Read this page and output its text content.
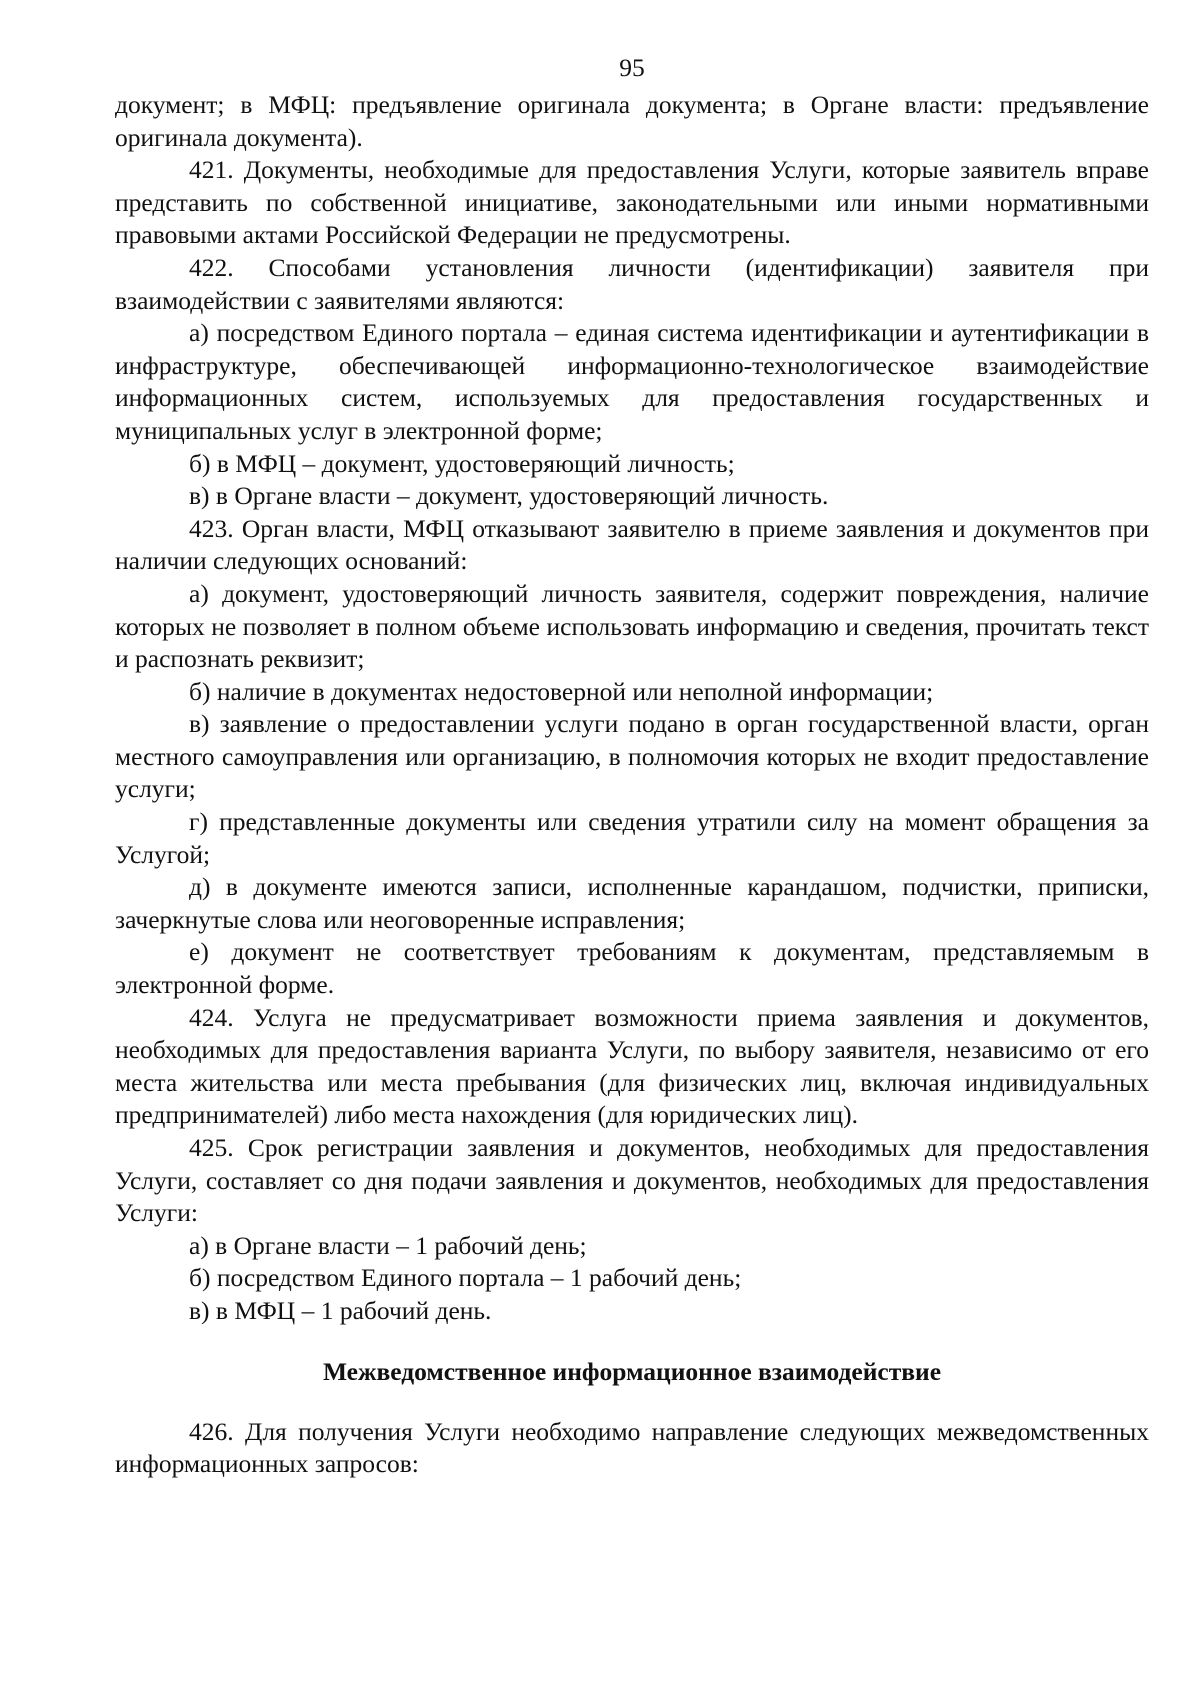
95

документ; в МФЦ: предъявление оригинала документа; в Органе власти: предъявление оригинала документа).

421. Документы, необходимые для предоставления Услуги, которые заявитель вправе представить по собственной инициативе, законодательными или иными нормативными правовыми актами Российской Федерации не предусмотрены.

422. Способами установления личности (идентификации) заявителя при взаимодействии с заявителями являются:

а) посредством Единого портала – единая система идентификации и аутентификации в инфраструктуре, обеспечивающей информационно-технологическое взаимодействие информационных систем, используемых для предоставления государственных и муниципальных услуг в электронной форме;

б) в МФЦ – документ, удостоверяющий личность;

в) в Органе власти – документ, удостоверяющий личность.

423. Орган власти, МФЦ отказывают заявителю в приеме заявления и документов при наличии следующих оснований:

а) документ, удостоверяющий личность заявителя, содержит повреждения, наличие которых не позволяет в полном объеме использовать информацию и сведения, прочитать текст и распознать реквизит;

б) наличие в документах недостоверной или неполной информации;

в) заявление о предоставлении услуги подано в орган государственной власти, орган местного самоуправления или организацию, в полномочия которых не входит предоставление услуги;

г) представленные документы или сведения утратили силу на момент обращения за Услугой;

д) в документе имеются записи, исполненные карандашом, подчистки, приписки, зачеркнутые слова или неоговоренные исправления;

е) документ не соответствует требованиям к документам, представляемым в электронной форме.

424. Услуга не предусматривает возможности приема заявления и документов, необходимых для предоставления варианта Услуги, по выбору заявителя, независимо от его места жительства или места пребывания (для физических лиц, включая индивидуальных предпринимателей) либо места нахождения (для юридических лиц).

425. Срок регистрации заявления и документов, необходимых для предоставления Услуги, составляет со дня подачи заявления и документов, необходимых для предоставления Услуги:

а) в Органе власти – 1 рабочий день;

б) посредством Единого портала – 1 рабочий день;

в) в МФЦ – 1 рабочий день.

Межведомственное информационное взаимодействие

426. Для получения Услуги необходимо направление следующих межведомственных информационных запросов:
